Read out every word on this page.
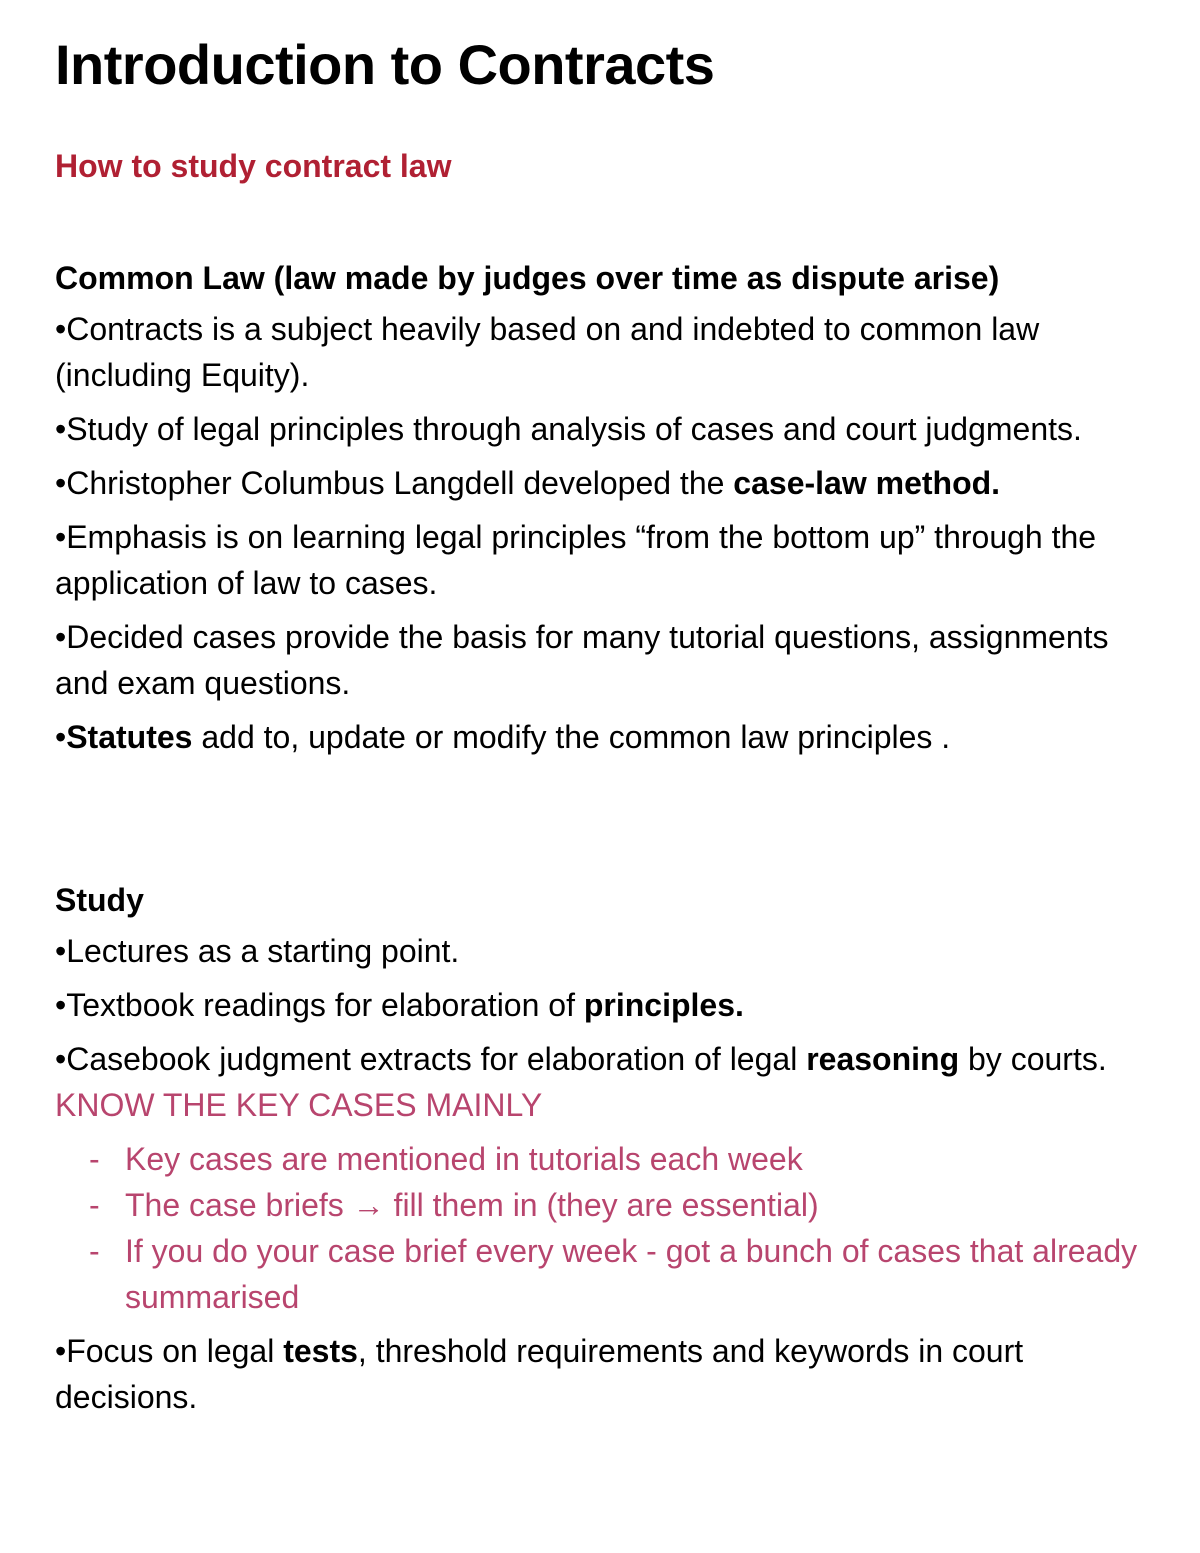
Introduction to Contracts
How to study contract law
Common Law (law made by judges over time as dispute arise)

•Contracts is a subject heavily based on and indebted to common law (including Equity).

•Study of legal principles through analysis of cases and court judgments.

•Christopher Columbus Langdell developed the case-law method.

•Emphasis is on learning legal principles “from the bottom up” through the application of law to cases.

•Decided cases provide the basis for many tutorial questions, assignments and exam questions.

•Statutes add to, update or modify the common law principles .

Study

•Lectures as a starting point.

•Textbook readings for elaboration of principles.

•Casebook judgment extracts for elaboration of legal reasoning by courts. KNOW THE KEY CASES MAINLY

- Key cases are mentioned in tutorials each week
- The case briefs → fill them in (they are essential)
- If you do your case brief every week - got a bunch of cases that already summarised

•Focus on legal tests, threshold requirements and keywords in court decisions.
